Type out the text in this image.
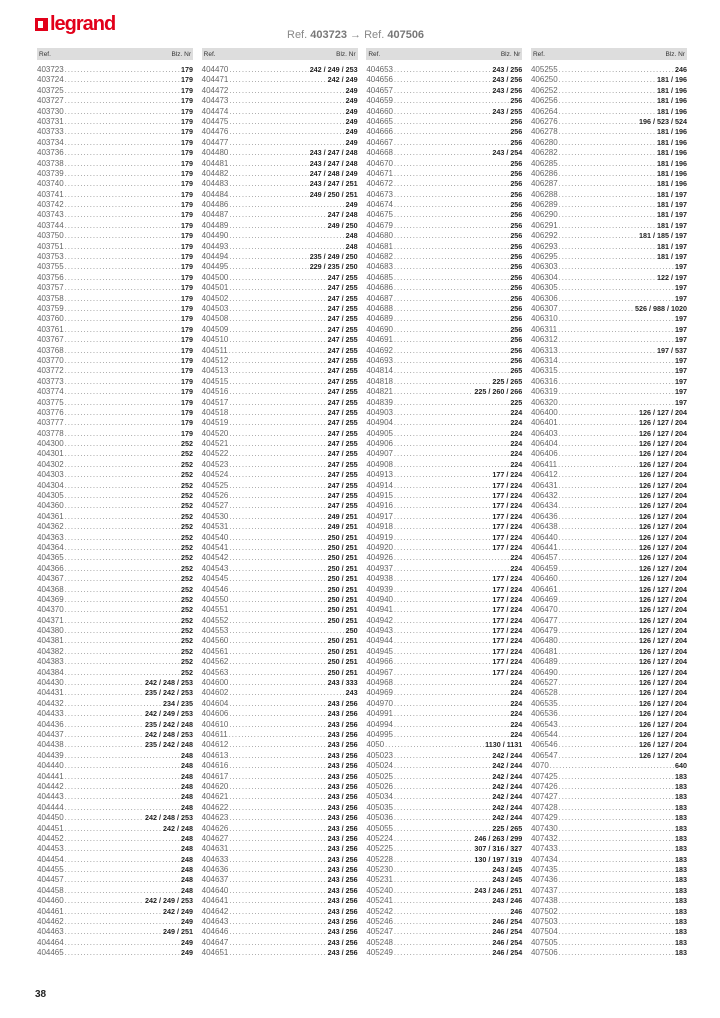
legrand	Ref. 403723 → Ref. 407506
Ref.	Blz. Nr
403723 .....	179
403724 .....	179
403725 .....	179
403727 .....	179
403730 .....	179
403731 .....	179
403733 .....	179
403734 .....	179
403736 .....	179
403738 .....	179
403739 .....	179
403740 .....	179
403741 .....	179
403742 .....	179
403743 .....	179
403744 .....	179
403750 .....	179
403751 .....	179
403753 .....	179
403755 .....	179
403756 .....	179
403757 .....	179
403758 .....	179
403759 .....	179
403760 .....	179
403761 .....	179
403767 .....	179
403768 .....	179
403770 .....	179
403772 .....	179
403773 .....	179
403774 .....	179
403775 .....	179
403776 .....	179
403777 .....	179
403778 .....	179
404300 .....	252
404301 .....	252
404302 .....	252
404303 .....	252
404304 .....	252
404305 .....	252
404360 .....	252
404361 .....	252
404362 .....	252
404363 .....	252
404364 .....	252
404365 .....	252
404366 .....	252
404367 .....	252
404368 .....	252
404369 .....	252
404370 .....	252
404371 .....	252
404380 .....	252
404381 .....	252
404382 .....	252
404383 .....	252
404384 .....	252
404430 .....	242 / 248 / 253
404431 .....	235 / 242 / 253
404432 .....	234 / 235
404433 .....	242 / 249 / 253
404436 .....	235 / 242 / 248
404437 .....	242 / 248 / 253
404438 .....	235 / 242 / 248
404439 .....	248
404440 .....	248
404441 .....	248
404442 .....	248
404443 .....	248
404444 .....	248
404450 .....	242 / 248 / 253
404451 .....	242 / 248
404452 .....	248
404453 .....	248
404454 .....	248
404455 .....	248
404457 .....	248
404458 .....	248
404460 .....	242 / 249 / 253
404461 .....	242 / 249
404462 .....	249
404463 .....	249 / 251
404464 .....	249
404465 .....	249
Ref.	Blz. Nr
404470 .....	242 / 249 / 253
404471 .....	242 / 249
404472 .....	249
404473 .....	249
404474 .....	249
404475 .....	249
404476 .....	249
404477 .....	249
404480 .....	243 / 247 / 248
404481 .....	243 / 247 / 248
404482 .....	247 / 248 / 249
404483 .....	243 / 247 / 251
404484 .....	249 / 250 / 251
404486 .....	249
404487 .....	247 / 248
404489 .....	249 / 250
404490 .....	248
404493 .....	248
404494 .....	235 / 249 / 250
404495 .....	229 / 235 / 250
404500 .....	247 / 255
404501 .....	247 / 255
404502 .....	247 / 255
404503 .....	247 / 255
404508 .....	247 / 255
404509 .....	247 / 255
404510 .....	247 / 255
404511 .....	247 / 255
404512 .....	247 / 255
404513 .....	247 / 255
404515 .....	247 / 255
404516 .....	247 / 255
404517 .....	247 / 255
404518 .....	247 / 255
404519 .....	247 / 255
404520 .....	247 / 255
404521 .....	247 / 255
404522 .....	247 / 255
404523 .....	247 / 255
404524 .....	247 / 255
404525 .....	247 / 255
404526 .....	247 / 255
404527 .....	247 / 255
404530 .....	249 / 251
404531 .....	249 / 251
404540 .....	250 / 251
404541 .....	250 / 251
404542 .....	250 / 251
404543 .....	250 / 251
404545 .....	250 / 251
404546 .....	250 / 251
404550 .....	250 / 251
404551 .....	250 / 251
404552 .....	250 / 251
404553 .....	250
404560 .....	250 / 251
404561 .....	250 / 251
404562 .....	250 / 251
404563 .....	250 / 251
404600 .....	243 / 333
404602 .....	243
404604 .....	243 / 256
404606 .....	243 / 256
404610 .....	243 / 256
404611 .....	243 / 256
404612 .....	243 / 256
404613 .....	243 / 256
404616 .....	243 / 256
404617 .....	243 / 256
404620 .....	243 / 256
404621 .....	243 / 256
404622 .....	243 / 256
404623 .....	243 / 256
404626 .....	243 / 256
404627 .....	243 / 256
404631 .....	243 / 256
404633 .....	243 / 256
404636 .....	243 / 256
404637 .....	243 / 256
404640 .....	243 / 256
404641 .....	243 / 256
404642 .....	243 / 256
404643 .....	243 / 256
404646 .....	243 / 256
404647 .....	243 / 256
404651 .....	243 / 256
Ref.	Blz. Nr
404653 .....	243 / 256
404656 .....	243 / 256
404657 .....	243 / 256
404659 .....	256
404660 .....	243 / 255
404665 .....	256
404666 .....	256
404667 .....	256
404668 .....	243 / 254
404670 .....	256
404671 .....	256
404672 .....	256
404673 .....	256
404674 .....	256
404675 .....	256
404679 .....	256
404680 .....	256
404681 .....	256
404682 .....	256
404683 .....	256
404685 .....	256
404686 .....	256
404687 .....	256
404688 .....	256
404689 .....	256
404690 .....	256
404691 .....	256
404692 .....	256
404693 .....	256
404814 .....	265
404818 .....	225 / 265
404821 .....	225 / 260 / 266
404839 .....	225
404903 .....	224
404904 .....	224
404905 .....	224
404906 .....	224
404907 .....	224
404908 .....	224
404913 .....	177 / 224
404914 .....	177 / 224
404915 .....	177 / 224
404916 .....	177 / 224
404917 .....	177 / 224
404918 .....	177 / 224
404919 .....	177 / 224
404920 .....	177 / 224
404926 .....	224
404937 .....	224
404938 .....	177 / 224
404939 .....	177 / 224
404940 .....	177 / 224
404941 .....	177 / 224
404942 .....	177 / 224
404943 .....	177 / 224
404944 .....	177 / 224
404945 .....	177 / 224
404966 .....	177 / 224
404967 .....	177 / 224
404968 .....	224
404969 .....	224
404970 .....	224
404991 .....	224
404994 .....	224
404995 .....	224
4050 .....	1130 / 1131
405023 .....	242 / 244
405024 .....	242 / 244
405025 .....	242 / 244
405026 .....	242 / 244
405034 .....	242 / 244
405035 .....	242 / 244
405036 .....	242 / 244
405055 .....	225 / 265
405224 .....	246 / 263 / 299
405225 .....	307 / 316 / 327
405228 .....	130 / 197 / 319
405230 .....	243 / 245
405231 .....	243 / 245
405240 .....	243 / 246 / 251
405241 .....	243 / 246
405242 .....	246
405246 .....	246 / 254
405247 .....	246 / 254
405248 .....	246 / 254
405249 .....	246 / 254
Ref.	Blz. Nr
405255 .....	246
406250 .....	181 / 196
406252 .....	181 / 196
406256 .....	181 / 196
406264 .....	181 / 196
406276 .....	196 / 523 / 524
406278 .....	181 / 196
406280 .....	181 / 196
406282 .....	181 / 196
406285 .....	181 / 196
406286 .....	181 / 196
406287 .....	181 / 196
406288 .....	181 / 197
406289 .....	181 / 197
406290 .....	181 / 197
406291 .....	181 / 197
406292 .....	181 / 185 / 197
406293 .....	181 / 197
406295 .....	181 / 197
406303 .....	197
406304 .....	122 / 197
406305 .....	197
406306 .....	197
406307 .....	526 / 988 / 1020
406310 .....	197
406311 .....	197
406312 .....	197
406313 .....	197 / 537
406314 .....	197
406315 .....	197
406316 .....	197
406319 .....	197
406320 .....	197
406400 .....	126 / 127 / 204
406401 .....	126 / 127 / 204
406403 .....	126 / 127 / 204
406404 .....	126 / 127 / 204
406406 .....	126 / 127 / 204
406411 .....	126 / 127 / 204
406412 .....	126 / 127 / 204
406431 .....	126 / 127 / 204
406432 .....	126 / 127 / 204
406434 .....	126 / 127 / 204
406436 .....	126 / 127 / 204
406438 .....	126 / 127 / 204
406440 .....	126 / 127 / 204
406441 .....	126 / 127 / 204
406457 .....	126 / 127 / 204
406459 .....	126 / 127 / 204
406460 .....	126 / 127 / 204
406461 .....	126 / 127 / 204
406469 .....	126 / 127 / 204
406470 .....	126 / 127 / 204
406477 .....	126 / 127 / 204
406479 .....	126 / 127 / 204
406480 .....	126 / 127 / 204
406481 .....	126 / 127 / 204
406489 .....	126 / 127 / 204
406490 .....	126 / 127 / 204
406527 .....	126 / 127 / 204
406528 .....	126 / 127 / 204
406535 .....	126 / 127 / 204
406536 .....	126 / 127 / 204
406543 .....	126 / 127 / 204
406544 .....	126 / 127 / 204
406546 .....	126 / 127 / 204
406547 .....	126 / 127 / 204
4070 .....	640
407425 .....	183
407426 .....	183
407427 .....	183
407428 .....	183
407429 .....	183
407430 .....	183
407432 .....	183
407433 .....	183
407434 .....	183
407435 .....	183
407436 .....	183
407437 .....	183
407438 .....	183
407502 .....	183
407503 .....	183
407504 .....	183
407505 .....	183
407506 .....	183
38
